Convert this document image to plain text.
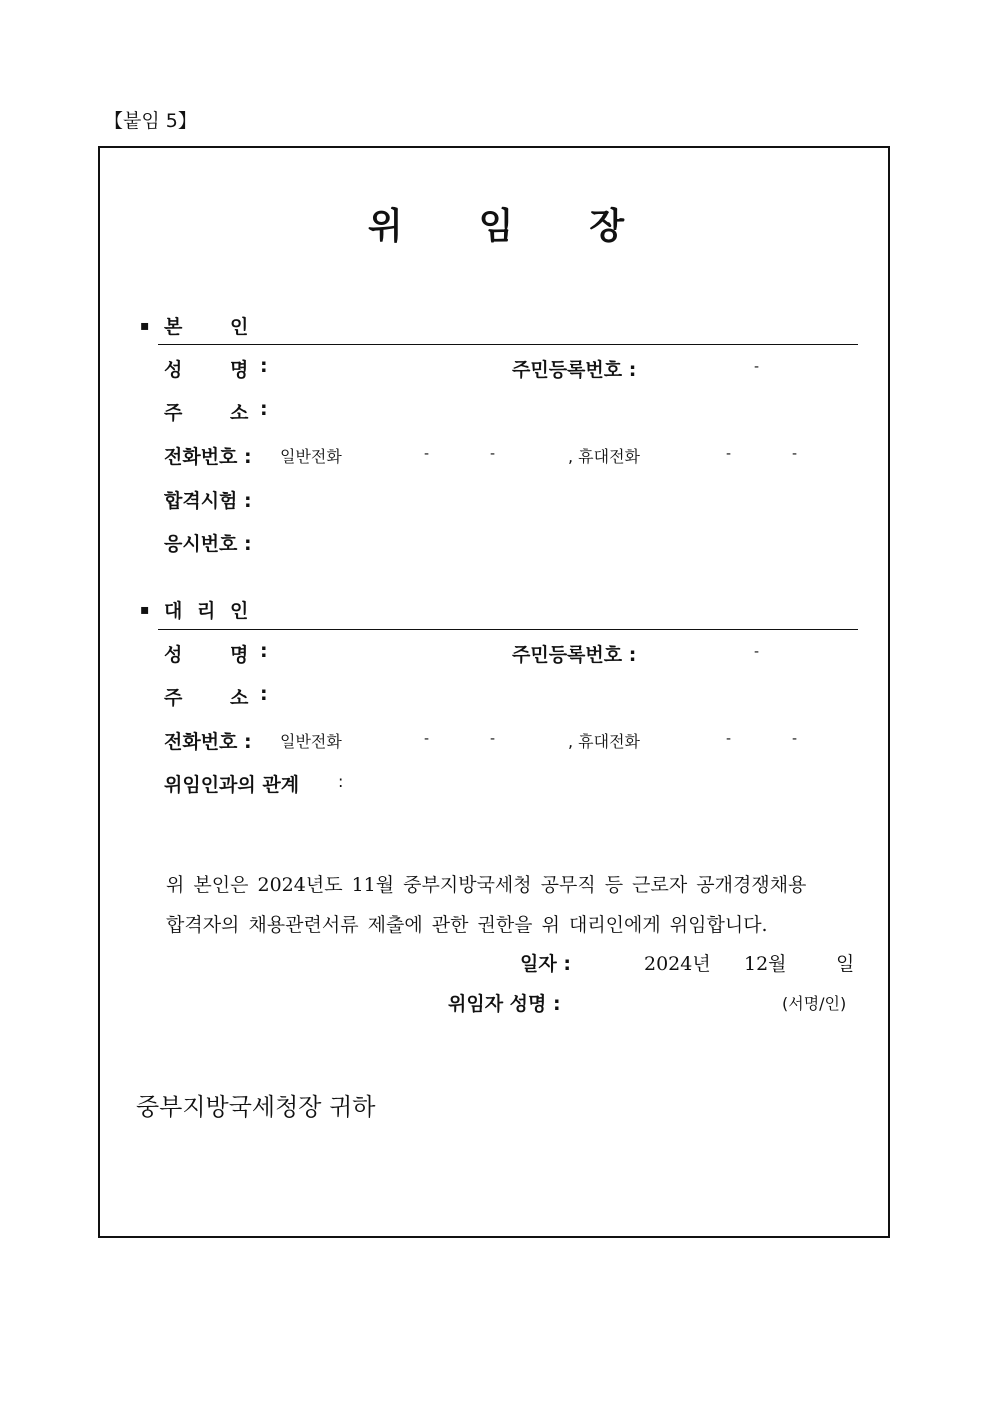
【붙임 5】
위 임 장
▪ 본	인
성	명 :	주민등록번호 :	-
주	소 :
전화번호 : 일반전화	-	-	, 휴대전화	-	-
합격시험 :
응시번호 :
▪ 대 리 인
성	명 :	주민등록번호 :	-
주	소 :
전화번호 : 일반전화	-	-	, 휴대전화	-	-
위임인과의 관계 :
위 본인은 2024년도 11월 중부지방국세청 공무직 등 근로자 공개경쟁채용
합격자의 채용관련서류 제출에 관한 권한을 위 대리인에게 위임합니다.
일자 :	2024년 12월	일
위임자 성명 :	(서명/인)
중부지방국세청장 귀하
